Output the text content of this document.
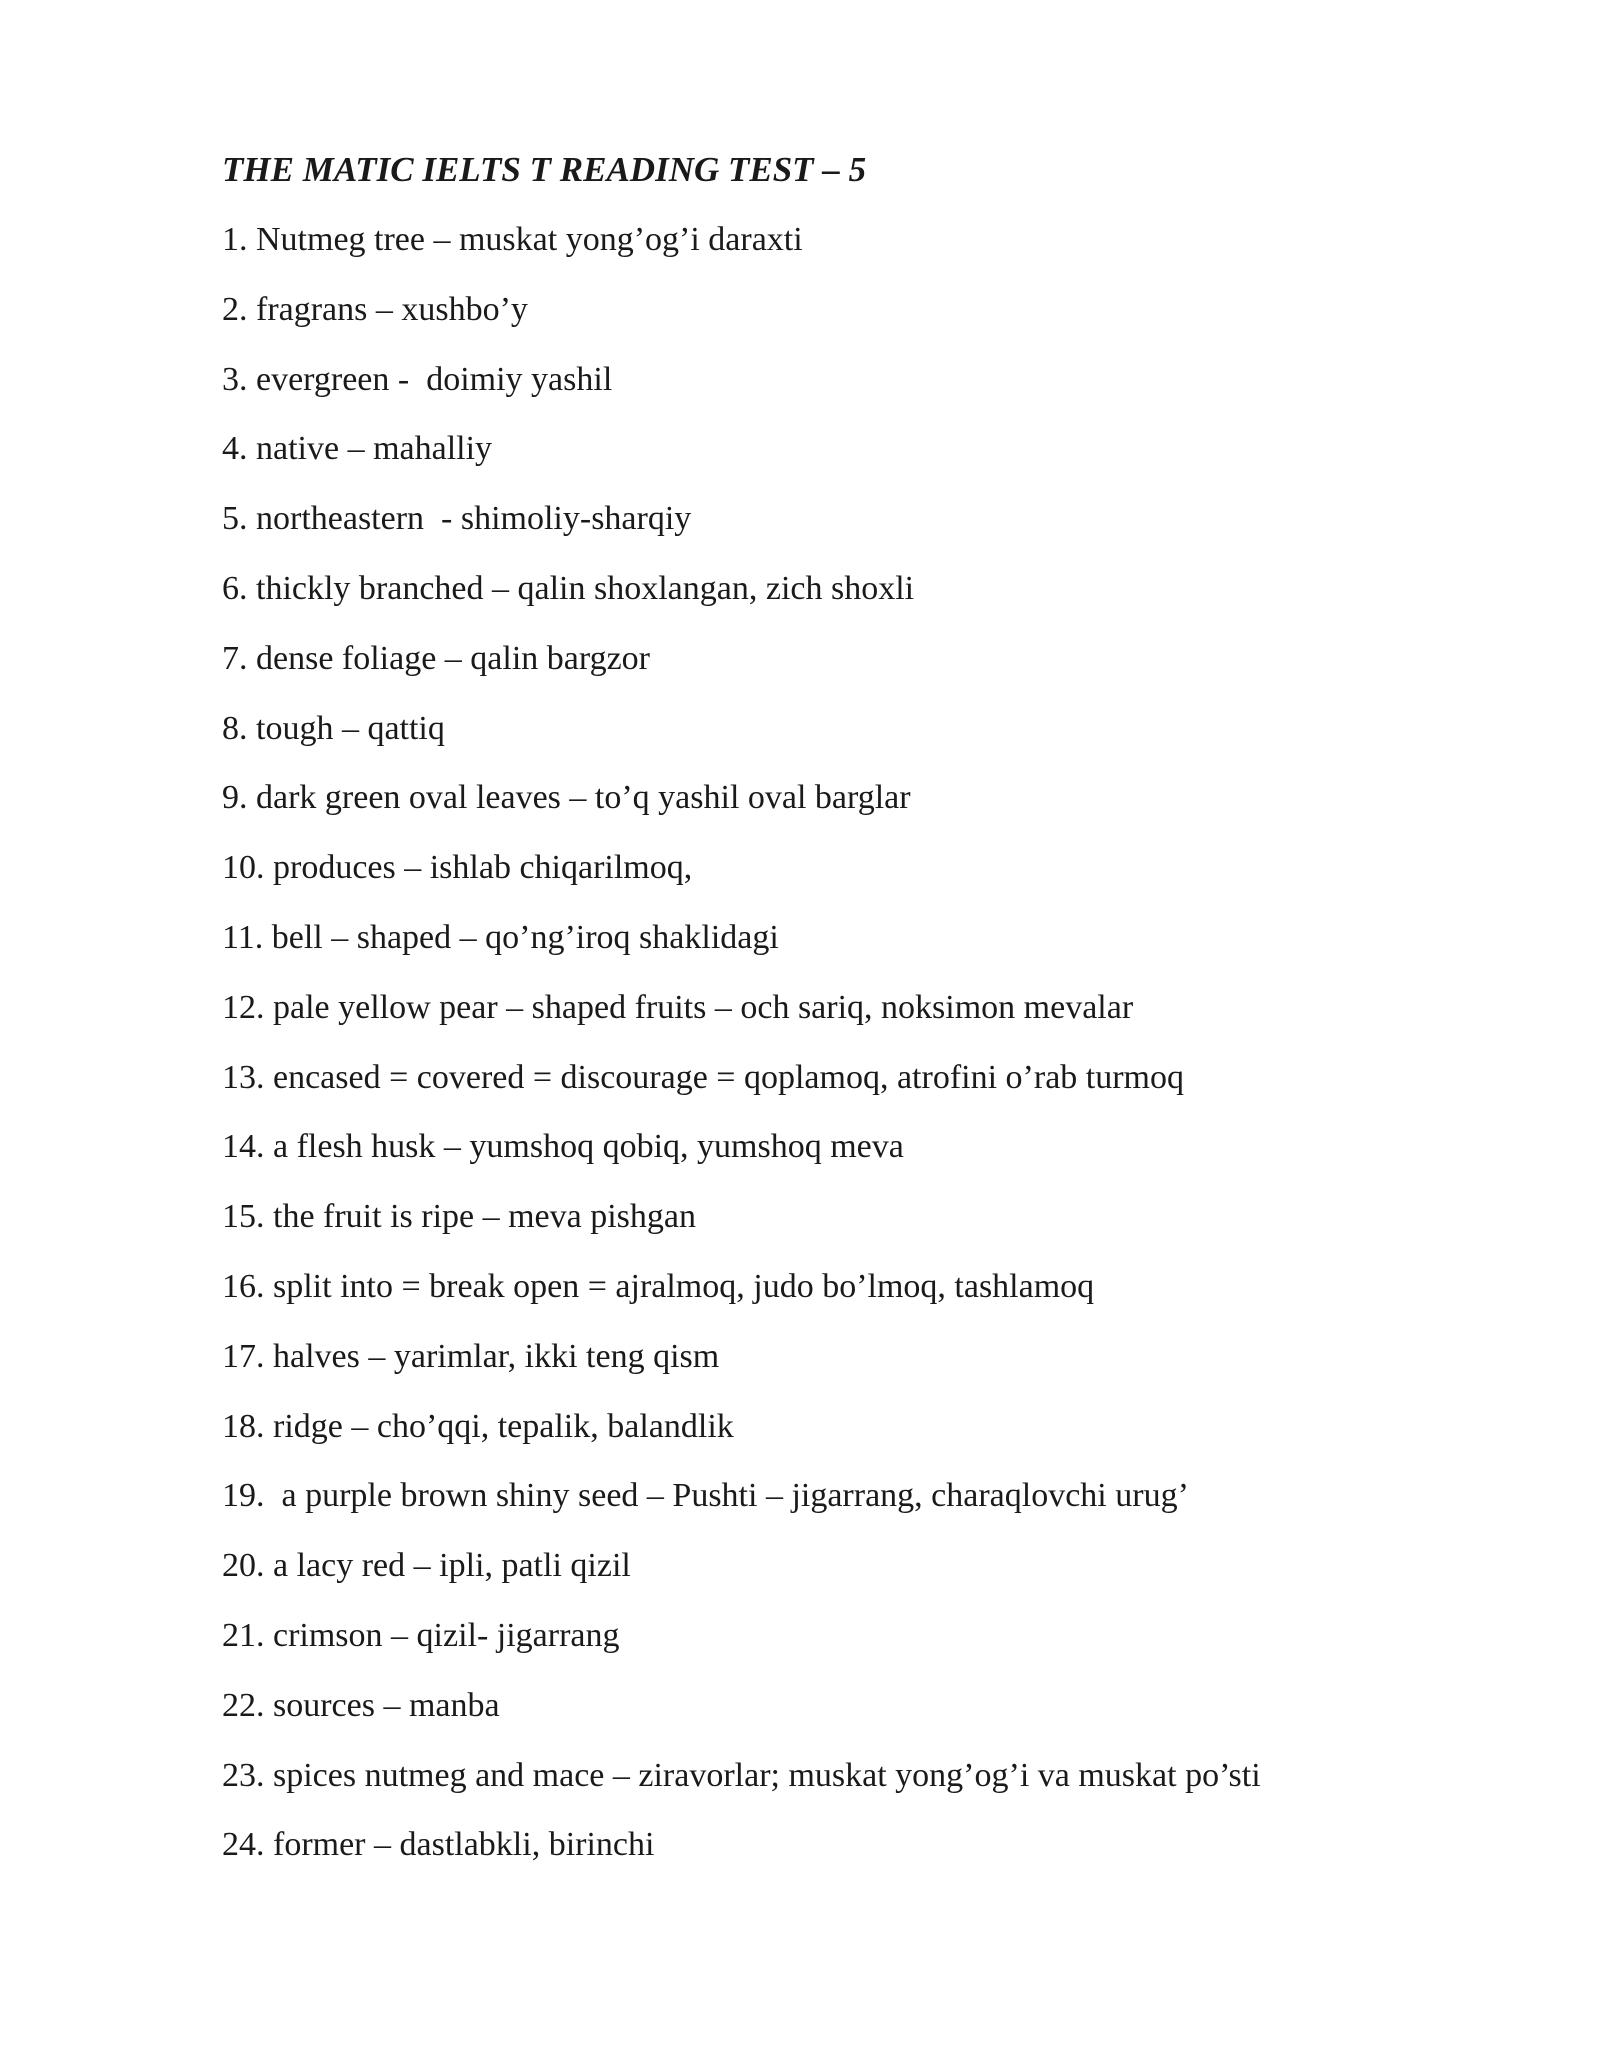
THE MATIC IELTS T READING TEST – 5
1. Nutmeg tree – muskat yong’og’i daraxti
2. fragrans – xushbo’y
3. evergreen -  doimiy yashil
4. native – mahalliy
5. northeastern  - shimoliy-sharqiy
6. thickly branched – qalin shoxlangan, zich shoxli
7. dense foliage – qalin bargzor
8. tough – qattiq
9. dark green oval leaves – to’q yashil oval barglar
10. produces – ishlab chiqarilmoq,
11. bell – shaped – qo’ng’iroq shaklidagi
12. pale yellow pear – shaped fruits – och sariq, noksimon mevalar
13. encased = covered = discourage = qoplamoq, atrofini o’rab turmoq
14. a flesh husk – yumshoq qobiq, yumshoq meva
15. the fruit is ripe – meva pishgan
16. split into = break open = ajralmoq, judo bo’lmoq, tashlamoq
17. halves – yarimlar, ikki teng qism
18. ridge – cho’qqi, tepalik, balandlik
19.  a purple brown shiny seed – Pushti – jigarrang, charaqlovchi urug’
20. a lacy red – ipli, patli qizil
21. crimson – qizil- jigarrang
22. sources – manba
23. spices nutmeg and mace – ziravorlar; muskat yong’og’i va muskat po’sti
24. former – dastlabkli, birinchi
